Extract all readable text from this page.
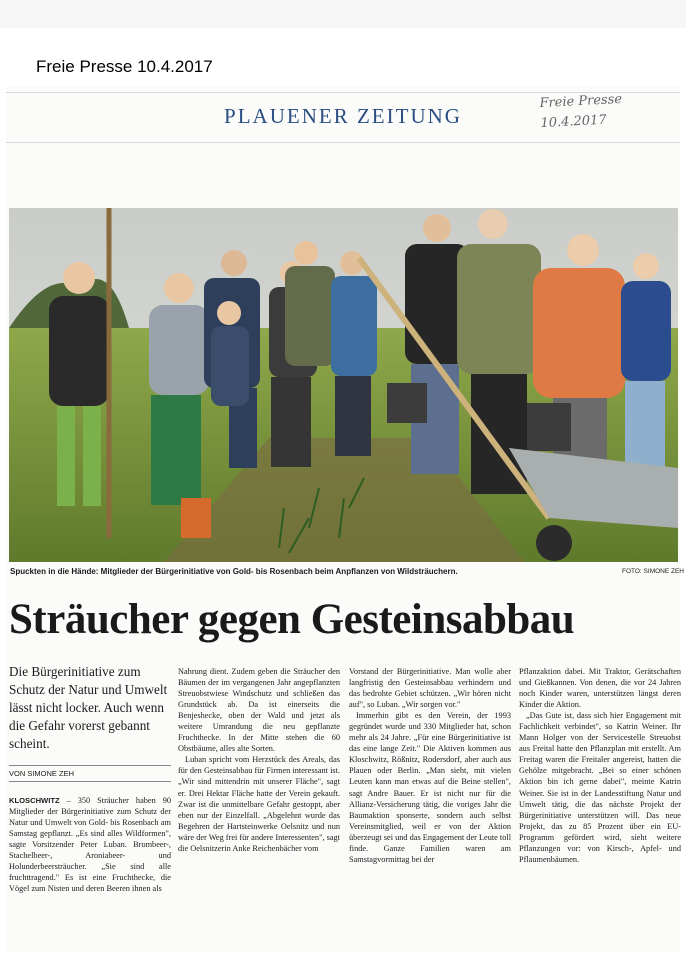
Freie Presse 10.4.2017
PLAUENER ZEITUNG
Freie Presse
10.4.2017
Spuckten in die Hände: Mitglieder der Bürgerinitiative von Gold- bis Rosenbach beim Anpflanzen von Wildsträuchern.	FOTO: SIMONE ZEH
Sträucher gegen Gesteinsabbau
Die Bürgerinitiative zum Schutz der Natur und Umwelt lässt nicht locker. Auch wenn die Gefahr vorerst gebannt scheint.
VON SIMONE ZEH

KLOSCHWITZ – 350 Sträucher haben 90 Mitglieder der Bürgerinitiative zum Schutz der Natur und Umwelt von Gold- bis Rosenbach am Samstag gepflanzt. „Es sind alles Wildformen", sagte Vorsitzender Peter Luban. Brombeer-, Stachelbeer-, Aroniabeer- und Holunderbeersträucher. „Sie sind alle fruchttragend." Es ist eine Fruchthecke, die Vögel zum Nisten und deren Beeren ihnen als

Nahrung dient. Zudem geben die Sträucher den Bäumen der im vergangenen Jahr angepflanzten Streuobstwiese Windschutz und schließen das Grundstück ab. Da ist einerseits die Benjeshecke, oben der Wald und jetzt als weitere Umrandung die neu gepflanzte Fruchthecke. In der Mitte stehen die 60 Obstbäume, alles alte Sorten.

Luban spricht vom Herzstück des Areals, das für den Gesteinsabbau für Firmen interessant ist. „Wir sind mittendrin mit unserer Fläche", sagt er. Drei Hektar Fläche hatte der Verein gekauft. Zwar ist die unmittelbare Gefahr gestoppt, aber eben nur der Einzelfall. „Abgelehnt wurde das Begehren der Hartsteinwerke Oelsnitz und nun wäre der Weg frei für andere Interessenten", sagt die Oelsnitzerin Anke Reichenbächer vom

Vorstand der Bürgerinitiative. Man wolle aber langfristig den Gesteinsabbau verhindern und das bedrohte Gebiet schützen. „Wir hören nicht auf", so Luban. „Wir sorgen vor."

Immerhin gibt es den Verein, der 1993 gegründet wurde und 330 Mitglieder hat, schon mehr als 24 Jahre. „Für eine Bürgerinitiative ist das eine lange Zeit." Die Aktiven kommen aus Kloschwitz, Rößnitz, Rodersdorf, aber auch aus Plauen oder Berlin. „Man sieht, mit vielen Leuten kann man etwas auf die Beine stellen", sagt Andre Bauer. Er ist nicht nur für die Allianz-Versicherung tätig, die voriges Jahr die Baumaktion sponserte, sondern auch selbst Vereinsmitglied, weil er von der Aktion überzeugt sei und das Engagement der Leute toll finde. Ganze Familien waren am Samstagvormittag bei der

Pflanzaktion dabei. Mit Traktor, Gerätschaften und Gießkannen. Von denen, die vor 24 Jahren noch Kinder waren, unterstützen längst deren Kinder die Aktion.

„Das Gute ist, dass sich hier Engagement mit Fachlichkeit verbindet", so Katrin Weiner. Ihr Mann Holger von der Servicestelle Streuobst aus Freital hatte den Pflanzplan mit erstellt. Am Freitag waren die Freitaler angereist, hatten die Gehölze mitgebracht. „Bei so einer schönen Aktion bin ich gerne dabei", meinte Katrin Weiner. Sie ist in der Landesstiftung Natur und Umwelt tätig, die das nächste Projekt der Bürgerinitiative unterstützen will. Das neue Projekt, das zu 85 Prozent über ein EU-Programm gefördert wird, sieht weitere Pflanzungen vor: von Kirsch-, Apfel- und Pflaumenbäumen.
